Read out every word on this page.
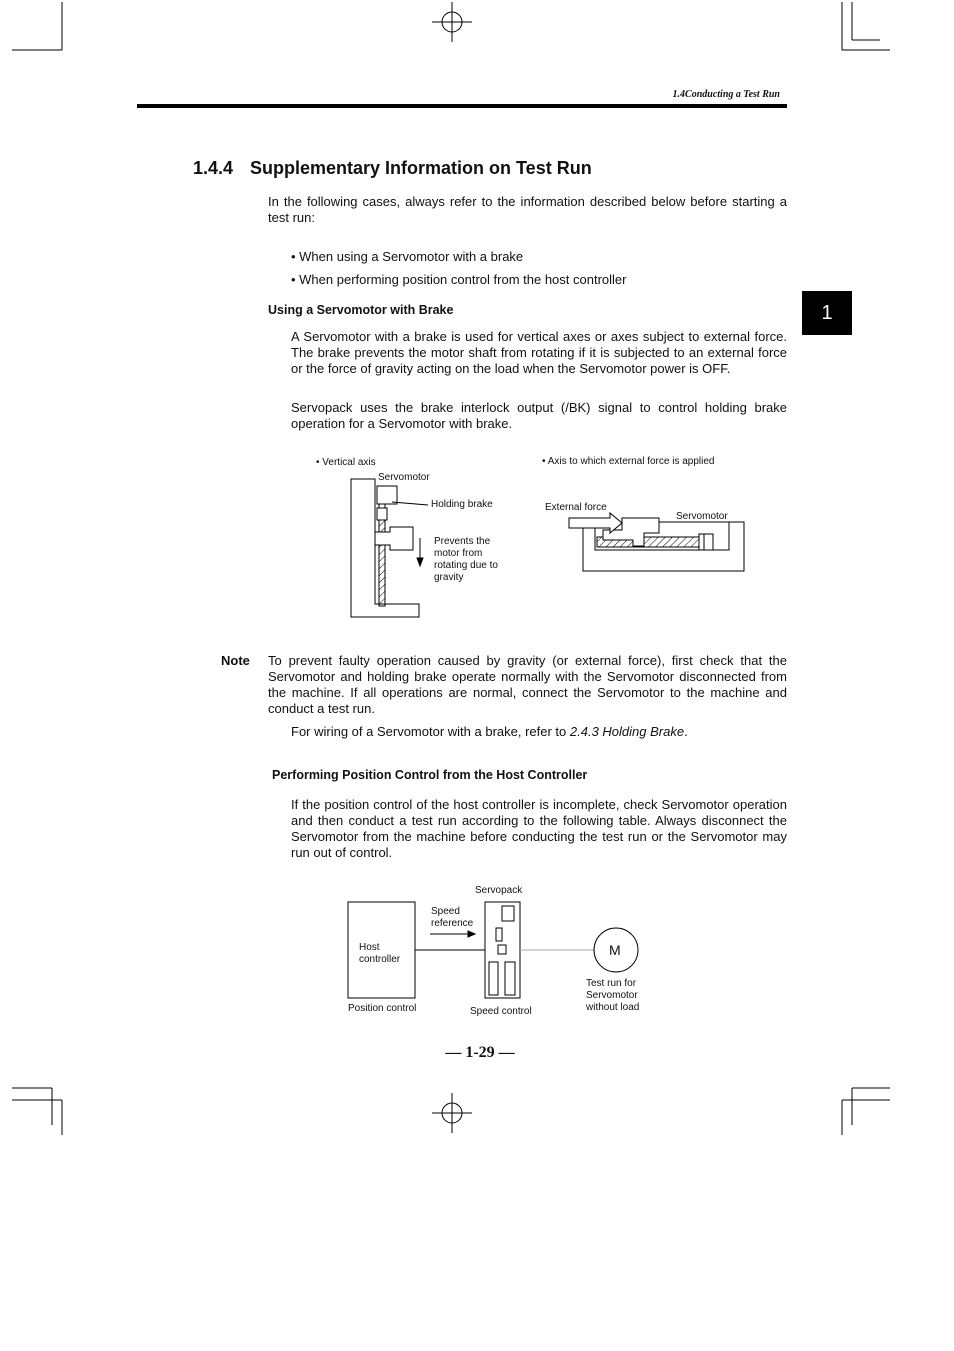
1.4Conducting a Test Run
1.4.4 Supplementary Information on Test Run
In the following cases, always refer to the information described below before starting a test run:
• When using a Servomotor with a brake
• When performing position control from the host controller
1
Using a Servomotor with Brake
A Servomotor with a brake is used for vertical axes or axes subject to external force. The brake prevents the motor shaft from rotating if it is subjected to an external force or the force of gravity acting on the load when the Servomotor power is OFF.
Servopack uses the brake interlock output (/BK) signal to control holding brake operation for a Servomotor with brake.
• Vertical axis
Servomotor
Holding brake
Prevents the
motor from
rotating due to
gravity
• Axis to which external force is applied
External force
Servomotor
Note To prevent faulty operation caused by gravity (or external force), first check that the Servomotor and holding brake operate normally with the Servomotor disconnected from the machine. If all operations are normal, connect the Servomotor to the machine and conduct a test run.
For wiring of a Servomotor with a brake, refer to 2.4.3 Holding Brake.
Performing Position Control from the Host Controller
If the position control of the host controller is incomplete, check Servomotor operation and then conduct a test run according to the following table. Always disconnect the Servomotor from the machine before conducting the test run or the Servomotor may run out of control.
Servopack
Speed
reference
Host
controller
M
Position control	Speed control
Test run for
Servomotor
without load
— 1-29 —
